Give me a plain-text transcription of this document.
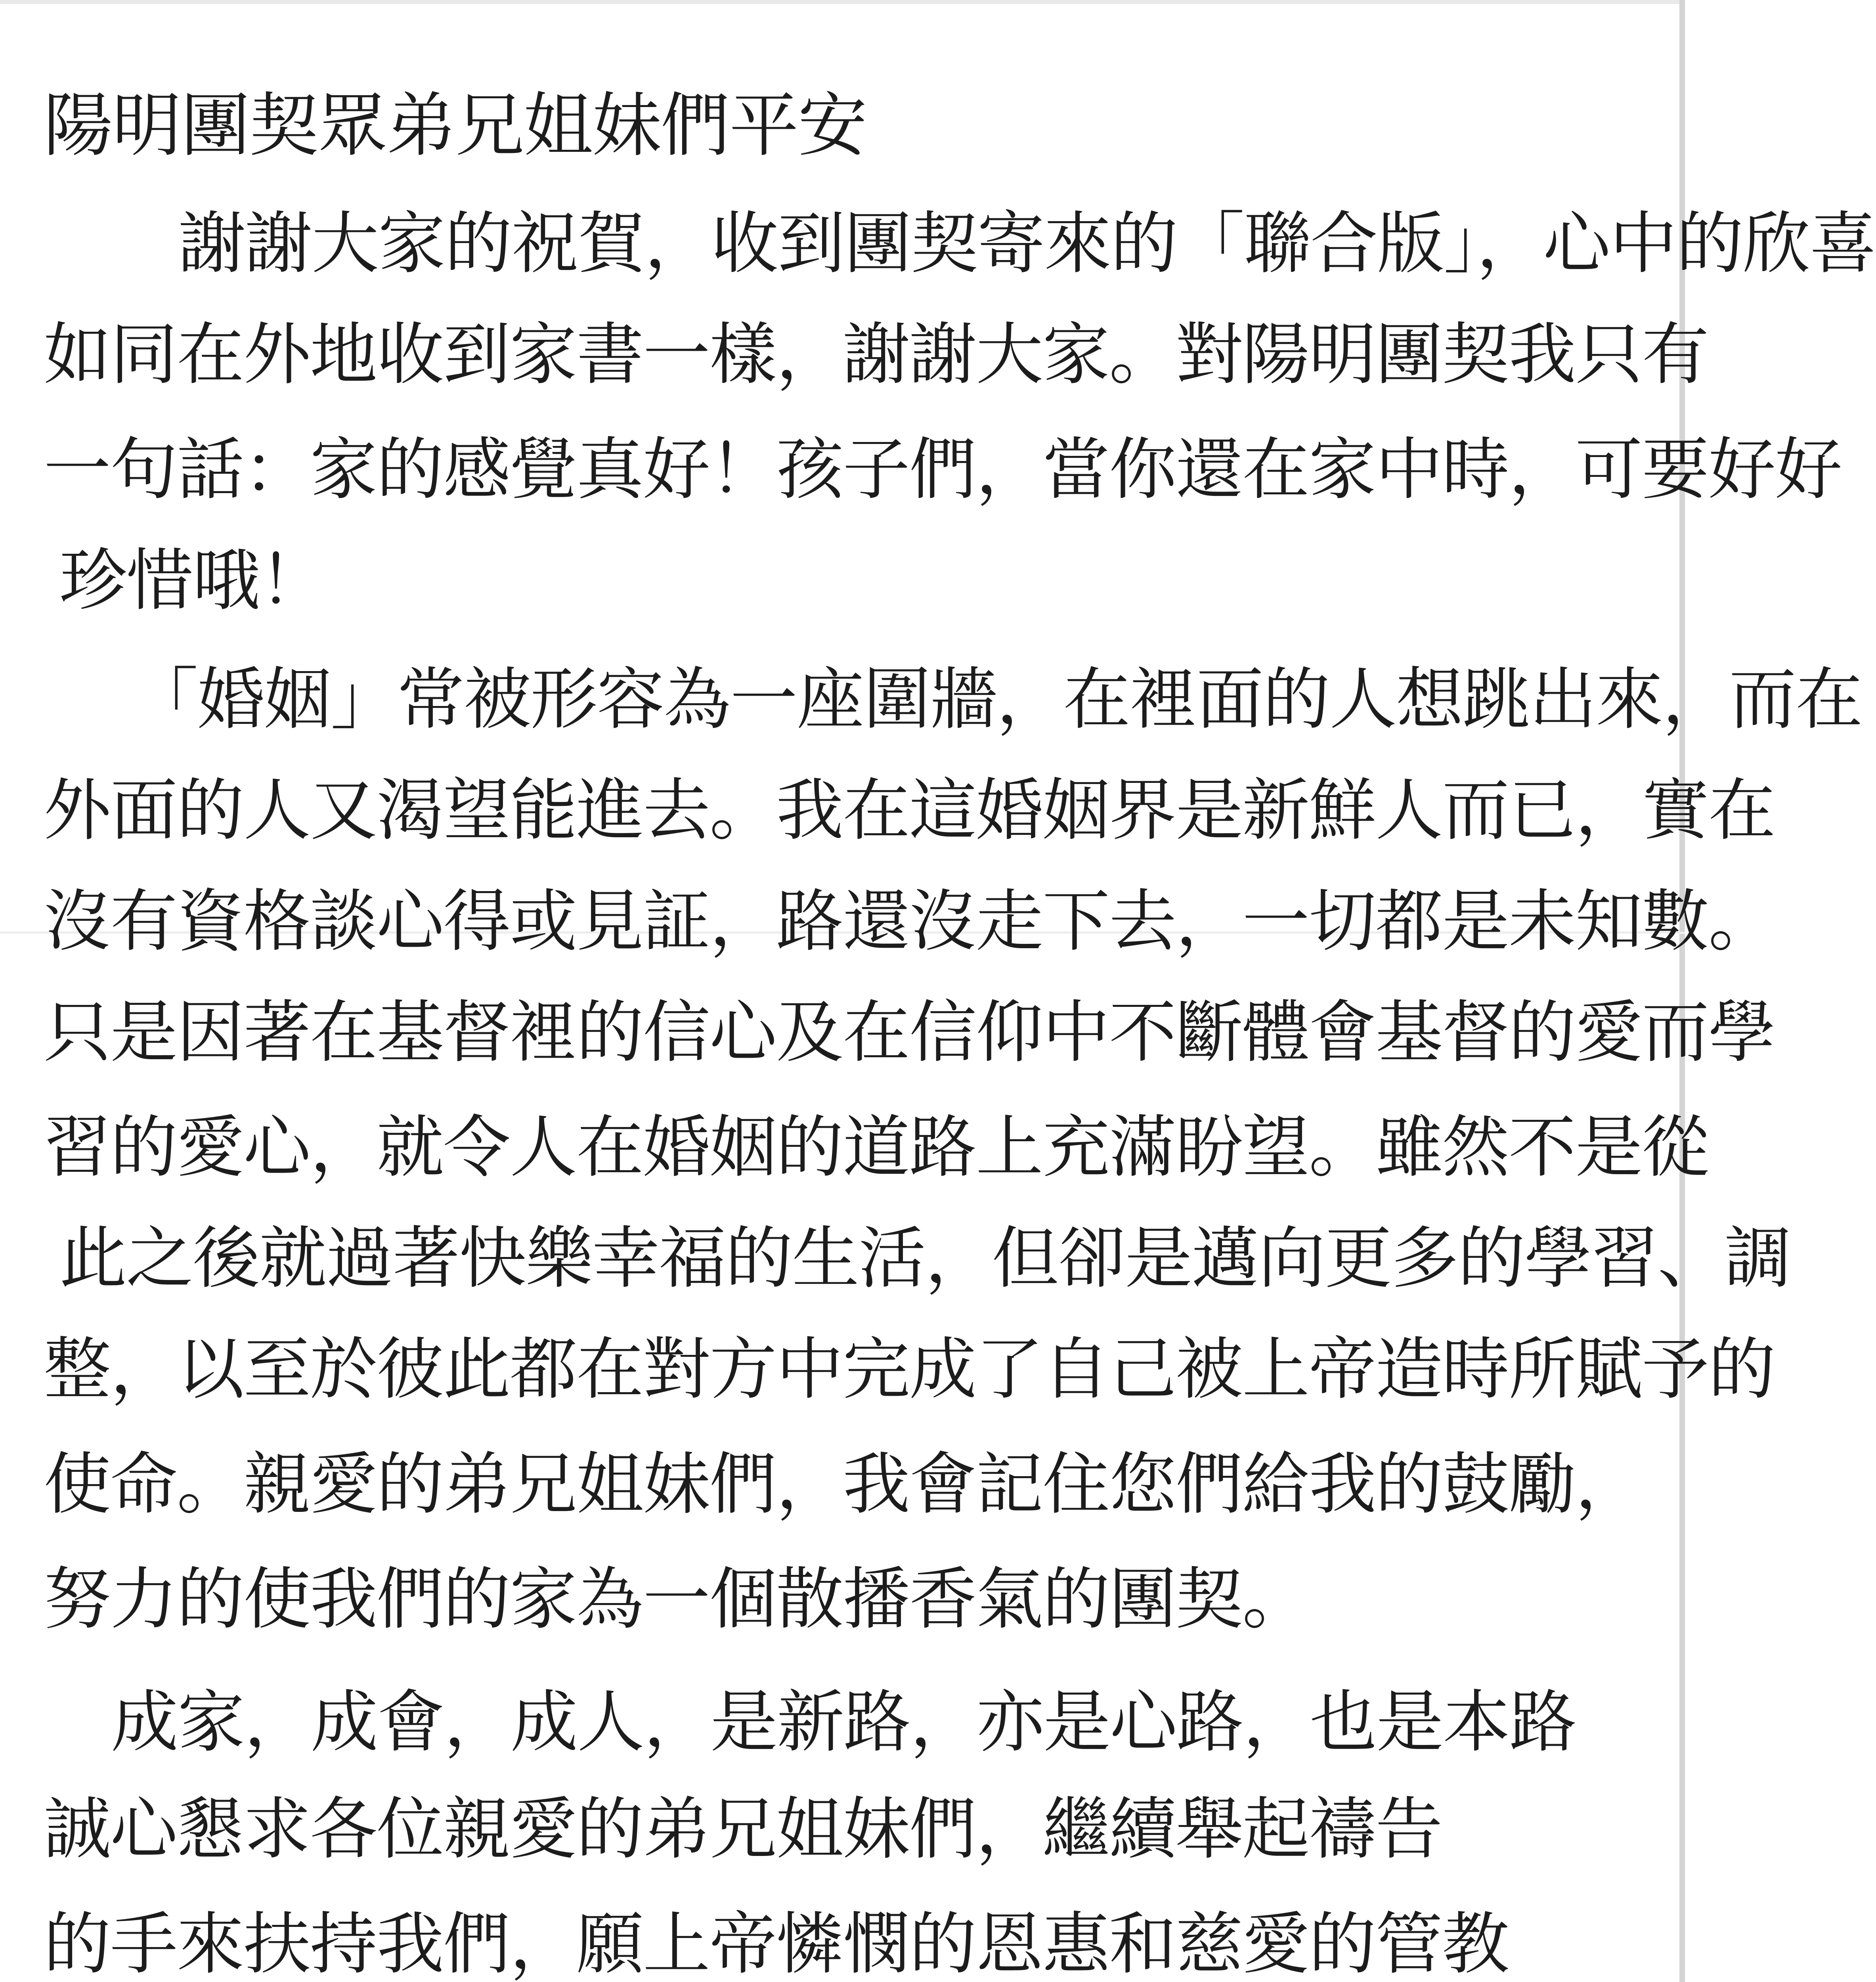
陽明團契眾弟兄姐妹們平安
謝謝大家的祝賀，收到團契寄來的「聯合版」，心中的欣喜
如同在外地收到家書一樣，謝謝大家。對陽明團契我只有
一句話：家的感覺真好！孩子們，當你還在家中時，可要好好
珍惜哦！
「婚姻」常被形容為一座圍牆，在裡面的人想跳出來，而在
外面的人又渴望能進去。我在這婚姻界是新鮮人而已，實在
沒有資格談心得或見証，路還沒走下去，一切都是未知數。
只是因著在基督裡的信心及在信仰中不斷體會基督的愛而學
習的愛心，就令人在婚姻的道路上充滿盼望。雖然不是從
此之後就過著快樂幸福的生活，但卻是邁向更多的學習、調
整，以至於彼此都在對方中完成了自己被上帝造時所賦予的
使命。親愛的弟兄姐妹們，我會記住您們給我的鼓勵，
努力的使我們的家為一個散播香氣的團契。
成家，成會，成人，是新路，亦是心路，也是本路
誠心懇求各位親愛的弟兄姐妹們，繼續舉起禱告
的手來扶持我們，願上帝憐憫的恩惠和慈愛的管教
